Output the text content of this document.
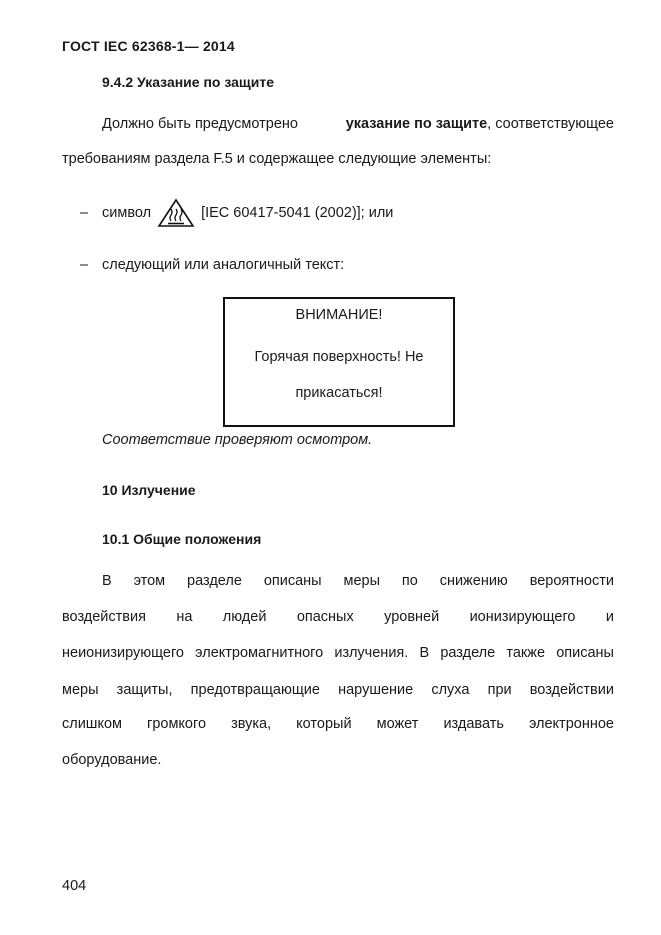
ГОСТ IEC 62368-1— 2014
9.4.2 Указание по защите
Должно быть предусмотрено	указание по защите, соответствующее
требованиям раздела F.5 и содержащее следующие элементы:
– символ	[IEC 60417-5041 (2002)]; или
– следующий или аналогичный текст:
ВНИМАНИЕ!
Горячая поверхность! Не
прикасаться!
Соответствие проверяют осмотром.
10 Излучение
10.1 Общие положения
В этом разделе описаны меры по снижению вероятности
воздействия на людей опасных уровней ионизирующего и
неионизирующего электромагнитного излучения. В разделе также описаны
меры защиты, предотвращающие нарушение слуха при воздействии
слишком громкого звука, который может издавать электронное
оборудование.
404
